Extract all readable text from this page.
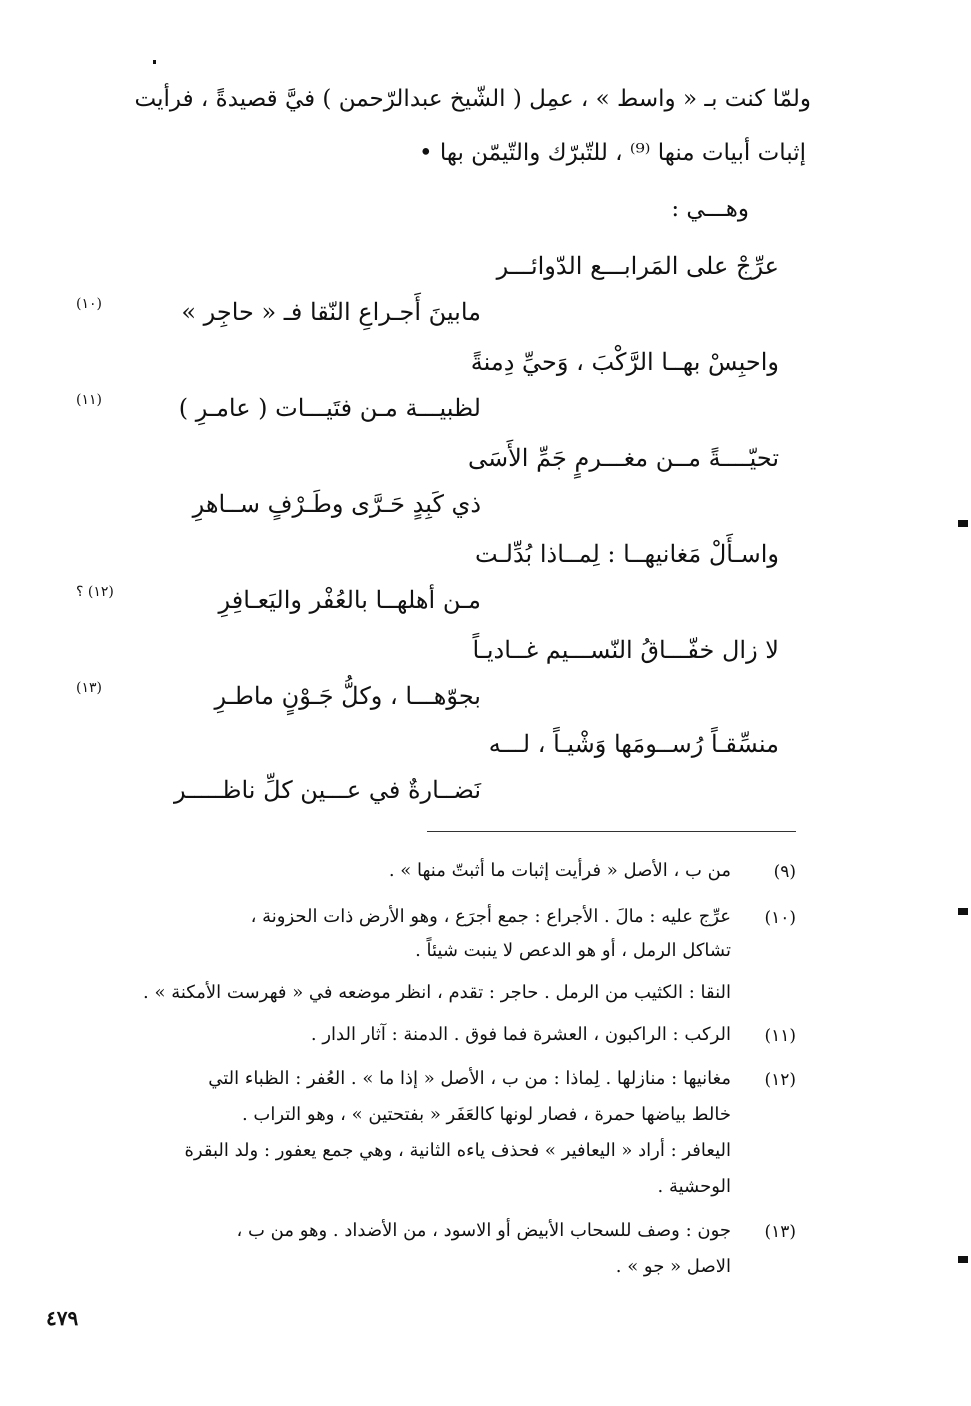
ولمّا كنت بـ « واسط » ، عمِل ( الشّيخ عبدالرّحمن ) فيَّ قصيدةً ، فرأيت
إثبات أبيات منها ⁽⁹⁾ ، للتّبرّك والتّيمّن بها •
وهـــي :
عرِّجْ على المَرابـــع الدّوائـــر
مابينَ أَجـراعِ النّقا فـ « حاجِر »
(١٠)
واحبِسْ بهــا الرَّكْبَ ، وَحيِّ دِمنةً
لظبيـــة مـن فتَيـــات ( عامـرِ )
(١١)
تحيّــــةً مــن مغـــرمٍ جَمِّ الأَسَى
ذي كَبِدٍ حَـرَّى وطَـرْفٍ ســاهرِ
واسـأَلْ مَغانيهــا : لِمــاذا بُدِّلـت
مـن أهلهــا بالعُفْر واليَعـافِرِ
(١٢) ؟
لا زال خفّـــاقُ النّســـيم غــاديـاً
بجوّهـــا ، وكلُّ جَـوْنٍ ماطـرِ
(١٣)
منسِّقـاً رُســومَها وَشْيـاً ، لـــه
نَضــارةٌ في عـــين كلِّ ناظـــــر
(٩)
من ب ، الأصل « فرأيت إثبات ما أثبتّ منها » .
(١٠)
عرِّج عليه : مالَ . الأجراع : جمع أجرَع ، وهو الأرض ذات الحزونة ،
تشاكل الرمل ، أو هو الدعص لا ينبت شيئاً .
النقا : الكثيب من الرمل . حاجر : تقدم ، انظر موضعه في « فهرست الأمكنة » .
(١١)
الركب : الراكبون ، العشرة فما فوق . الدمنة : آثار الدار .
(١٢)
مغانيها : منازلها . لِماذا : من ب ، الأصل « إذا ما » . العُفر : الظباء التي
خالط بياضها حمرة ، فصار لونها كالعَفَر « بفتحتين » ، وهو التراب .
اليعافر : أراد « اليعافير » فحذف ياءه الثانية ، وهي جمع يعفور : ولد البقرة
الوحشية .
(١٣)
جون : وصف للسحاب الأبيض أو الاسود ، من الأضداد . وهو من ب ،
الاصل « جو » .
٤٧٩
